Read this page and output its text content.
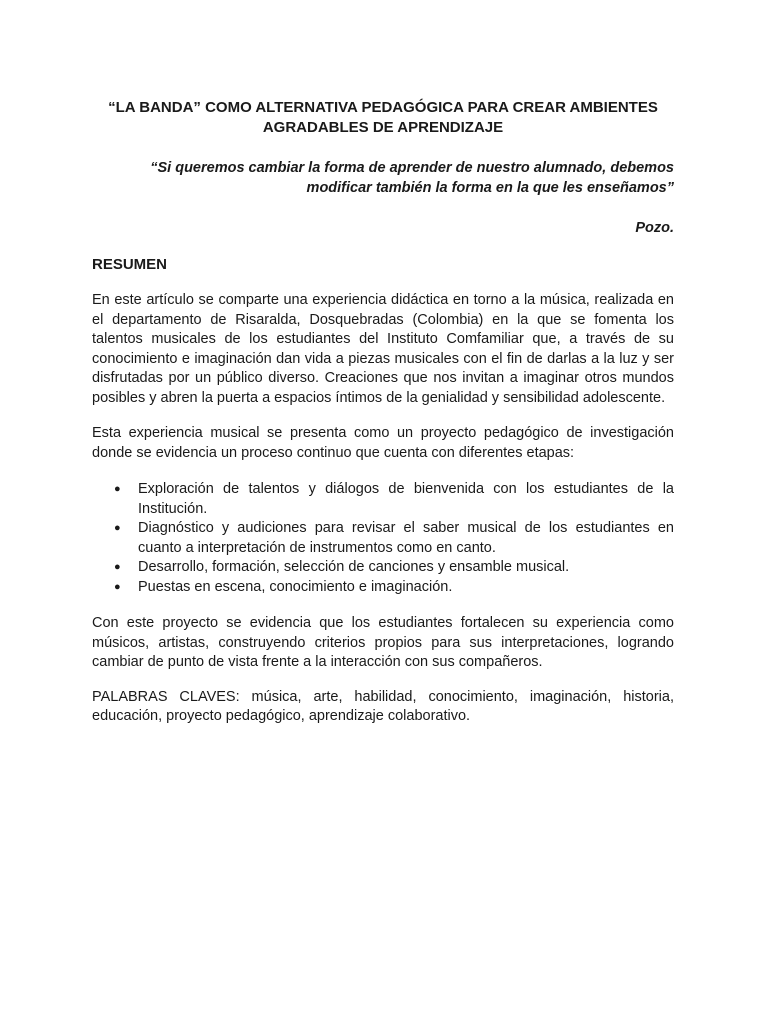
“LA BANDA” COMO ALTERNATIVA PEDAGÓGICA PARA CREAR AMBIENTES
AGRADABLES DE APRENDIZAJE

“Si queremos cambiar la forma de aprender de nuestro alumnado, debemos
modificar también la forma en la que les enseñamos”

Pozo.

RESUMEN

En este artículo se comparte una experiencia didáctica en torno a la música, realizada en el departamento de Risaralda, Dosquebradas (Colombia) en la que se fomenta los talentos musicales de los estudiantes del Instituto Comfamiliar que, a través de su conocimiento e imaginación dan vida a piezas musicales con el fin de darlas a la luz y ser disfrutadas por un público diverso. Creaciones que nos invitan a imaginar otros mundos posibles y abren la puerta a espacios íntimos de la genialidad y sensibilidad adolescente.

Esta experiencia musical se presenta como un proyecto pedagógico de investigación donde se evidencia un proceso continuo que cuenta con diferentes etapas:

● Exploración de talentos y diálogos de bienvenida con los estudiantes de la Institución.
● Diagnóstico y audiciones para revisar el saber musical de los estudiantes en cuanto a interpretación de instrumentos como en canto.
● Desarrollo, formación, selección de canciones y ensamble musical.
● Puestas en escena, conocimiento e imaginación.

Con este proyecto se evidencia que los estudiantes fortalecen su experiencia como músicos, artistas, construyendo criterios propios para sus interpretaciones, logrando cambiar de punto de vista frente a la interacción con sus compañeros.

PALABRAS CLAVES: música, arte, habilidad, conocimiento, imaginación, historia, educación, proyecto pedagógico, aprendizaje colaborativo.
